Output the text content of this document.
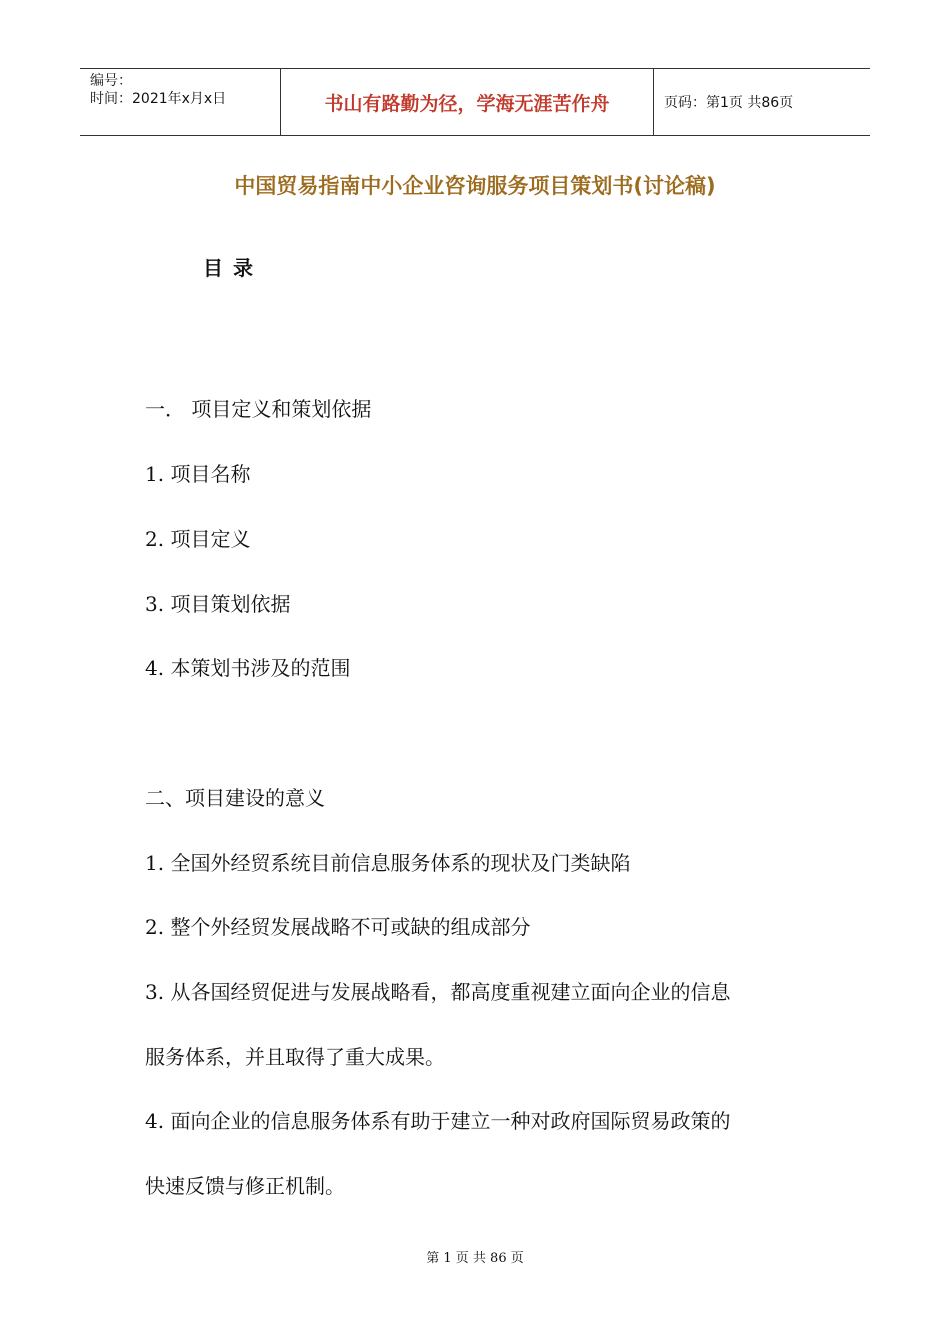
编号：
时间：2021年x月x日	书山有路勤为径，学海无涯苦作舟	页码：第1页 共86页
中国贸易指南中小企业咨询服务项目策划书(讨论稿)
目录
一． 项目定义和策划依据
1. 项目名称
2. 项目定义
3. 项目策划依据
4. 本策划书涉及的范围
二、项目建设的意义
1. 全国外经贸系统目前信息服务体系的现状及门类缺陷
2. 整个外经贸发展战略不可或缺的组成部分
3. 从各国经贸促进与发展战略看，都高度重视建立面向企业的信息
服务体系，并且取得了重大成果。
4. 面向企业的信息服务体系有助于建立一种对政府国际贸易政策的
快速反馈与修正机制。
第 1 页 共 86 页
